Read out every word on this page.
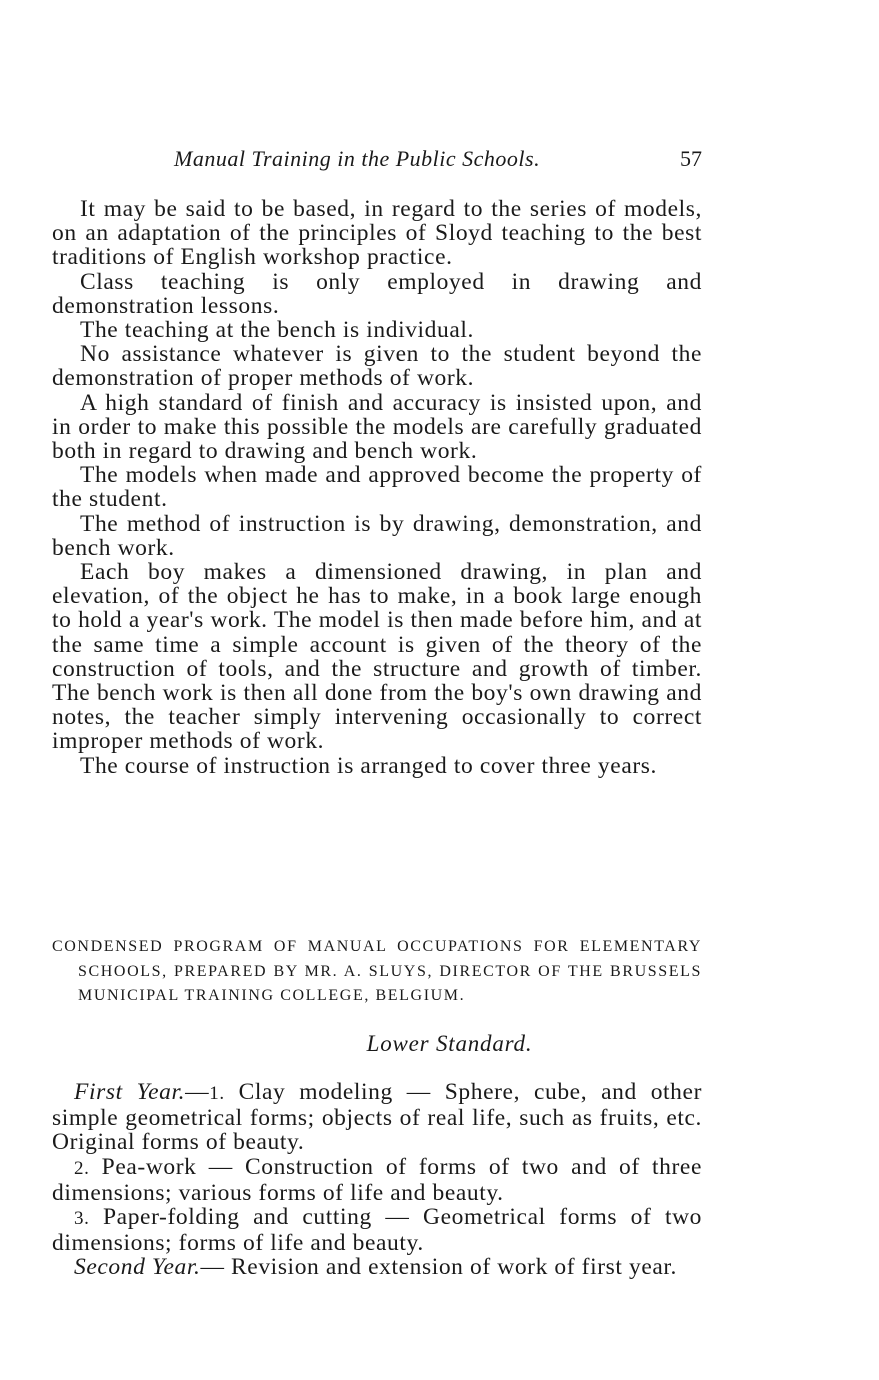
Manual Training in the Public Schools.	57

It may be said to be based, in regard to the series of models, on an adaptation of the principles of Sloyd teaching to the best traditions of English workshop practice.

Class teaching is only employed in drawing and demonstration lessons.

The teaching at the bench is individual.

No assistance whatever is given to the student beyond the demonstration of proper methods of work.

A high standard of finish and accuracy is insisted upon, and in order to make this possible the models are carefully graduated both in regard to drawing and bench work.

The models when made and approved become the property of the student.

The method of instruction is by drawing, demonstration, and bench work.

Each boy makes a dimensioned drawing, in plan and elevation, of the object he has to make, in a book large enough to hold a year's work. The model is then made before him, and at the same time a simple account is given of the theory of the construction of tools, and the structure and growth of timber. The bench work is then all done from the boy's own drawing and notes, the teacher simply intervening occasionally to correct improper methods of work.

The course of instruction is arranged to cover three years.

CONDENSED PROGRAM OF MANUAL OCCUPATIONS FOR ELEMENTARY SCHOOLS, PREPARED BY MR. A. SLUYS, DIRECTOR OF THE BRUSSELS MUNICIPAL TRAINING COLLEGE, BELGIUM.

Lower Standard.

First Year.—1. Clay modeling — Sphere, cube, and other simple geometrical forms; objects of real life, such as fruits, etc. Original forms of beauty.

2. Pea-work — Construction of forms of two and of three dimensions; various forms of life and beauty.

3. Paper-folding and cutting — Geometrical forms of two dimensions; forms of life and beauty.

Second Year.— Revision and extension of work of first year.
